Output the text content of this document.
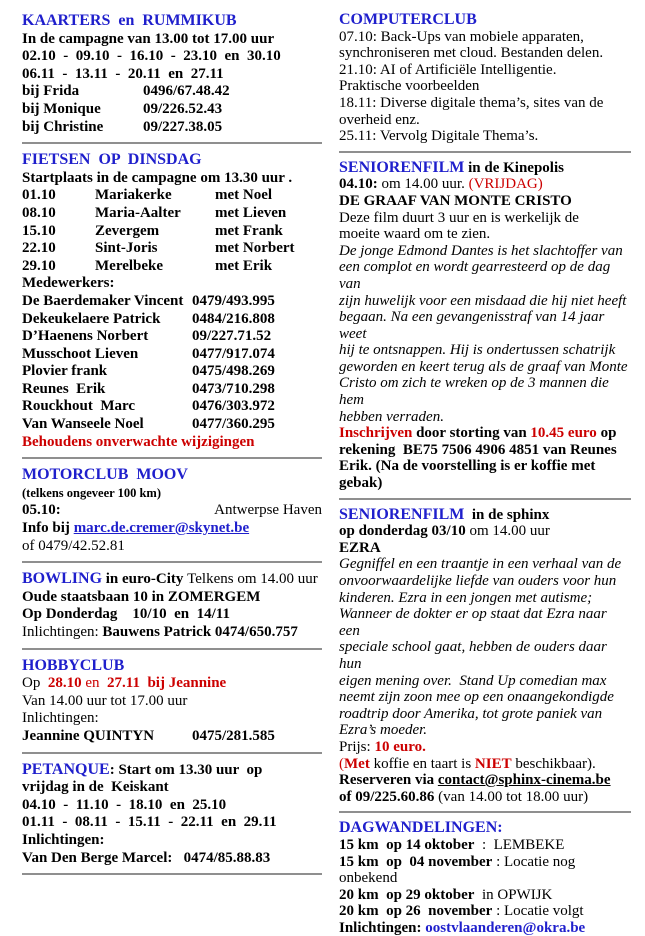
KAARTERS  en  RUMMIKUB
In de campagne van 13.00 tot 17.00 uur
02.10  -  09.10  -  16.10  -  23.10  en  30.10
06.11  -  13.11  -  20.11  en  27.11
bij Frida	0496/67.48.42
bij Monique	09/226.52.43
bij Christine	09/227.38.05
FIETSEN  OP  DINSDAG
Startplaats in de campagne om 13.30 uur .
01.10	Mariakerke	met Noel
08.10	Maria-Aalter	met Lieven
15.10	Zevergem	met Frank
22.10	Sint-Joris	met Norbert
29.10	Merelbeke	met Erik
Medewerkers:
De Baerdemaker Vincent 0479/493.995
Dekeukelaere Patrick	0484/216.808
D’Haenens Norbert	09/227.71.52
Musschoot Lieven	0477/917.074
Plovier frank	0475/498.269
Reunes  Erik	0473/710.298
Rouckhout  Marc	0476/303.972
Van Wanseele Noel	0477/360.295
Behoudens onverwachte wijzigingen
MOTORCLUB  MOOV
(telkens ongeveer 100 km)
05.10:	Antwerpse Haven
Info bij marc.de.cremer@skynet.be
of 0479/42.52.81
BOWLING in euro-City Telkens om 14.00 uur
Oude staatsbaan 10 in ZOMERGEM
Op Donderdag    10/10  en  14/11
Inlichtingen: Bauwens Patrick 0474/650.757
HOBBYCLUB
Op  28.10 en  27.11  bij Jeannine
Van 14.00 uur tot 17.00 uur
Inlichtingen:
Jeannine QUINTYN	0475/281.585
PETANQUE: Start om 13.30 uur  op
vrijdag in de  Keiskant
04.10  -  11.10  -  18.10  en  25.10
01.11  -  08.11  -  15.11  -  22.11  en  29.11
Inlichtingen:
Van Den Berge Marcel:   0474/85.88.83
COMPUTERCLUB
07.10: Back-Ups van mobiele apparaten,
synchroniseren met cloud. Bestanden delen.
21.10: AI of Artificiële Intelligentie.
Praktische voorbeelden
18.11: Diverse digitale thema’s, sites van de
overheid enz.
25.11: Vervolg Digitale Thema’s.
SENIORENFILM in de Kinepolis
04.10: om 14.00 uur. (VRIJDAG)
DE GRAAF VAN MONTE CRISTO
Deze film duurt 3 uur en is werkelijk de
moeite waard om te zien.
De jonge Edmond Dantes is het slachtoffer van
een complot en wordt gearresteerd op de dag van
zijn huwelijk voor een misdaad die hij niet heeft
begaan. Na een gevangenisstraf van 14 jaar weet
hij te ontsnappen. Hij is ondertussen schatrijk
geworden en keert terug als de graaf van Monte
Cristo om zich te wreken op de 3 mannen die hem
hebben verraden.
Inschrijven door storting van 10.45 euro op
rekening  BE75 7506 4906 4851 van Reunes
Erik. (Na de voorstelling is er koffie met
gebak)
SENIORENFILM  in de sphinx
op donderdag 03/10 om 14.00 uur
EZRA
Gegniffel en een traantje in een verhaal van de
onvoorwaardelijke liefde van ouders voor hun
kinderen. Ezra in een jongen met autisme;
Wanneer de dokter er op staat dat Ezra naar een
speciale school gaat, hebben de ouders daar hun
eigen mening over.  Stand Up comedian max
neemt zijn zoon mee op een onaangekondigde
roadtrip door Amerika, tot grote paniek van
Ezra’s moeder.
Prijs: 10 euro.
(Met koffie en taart is NIET beschikbaar).
Reserveren via contact@sphinx-cinema.be
of 09/225.60.86 (van 14.00 tot 18.00 uur)
DAGWANDELINGEN:
15 km  op 14 oktober  :  LEMBEKE
15 km  op  04 november : Locatie nog
onbekend
20 km  op 29 oktober  in OPWIJK
20 km  op 26  november : Locatie volgt
Inlichtingen: oostvlaanderen@okra.be
